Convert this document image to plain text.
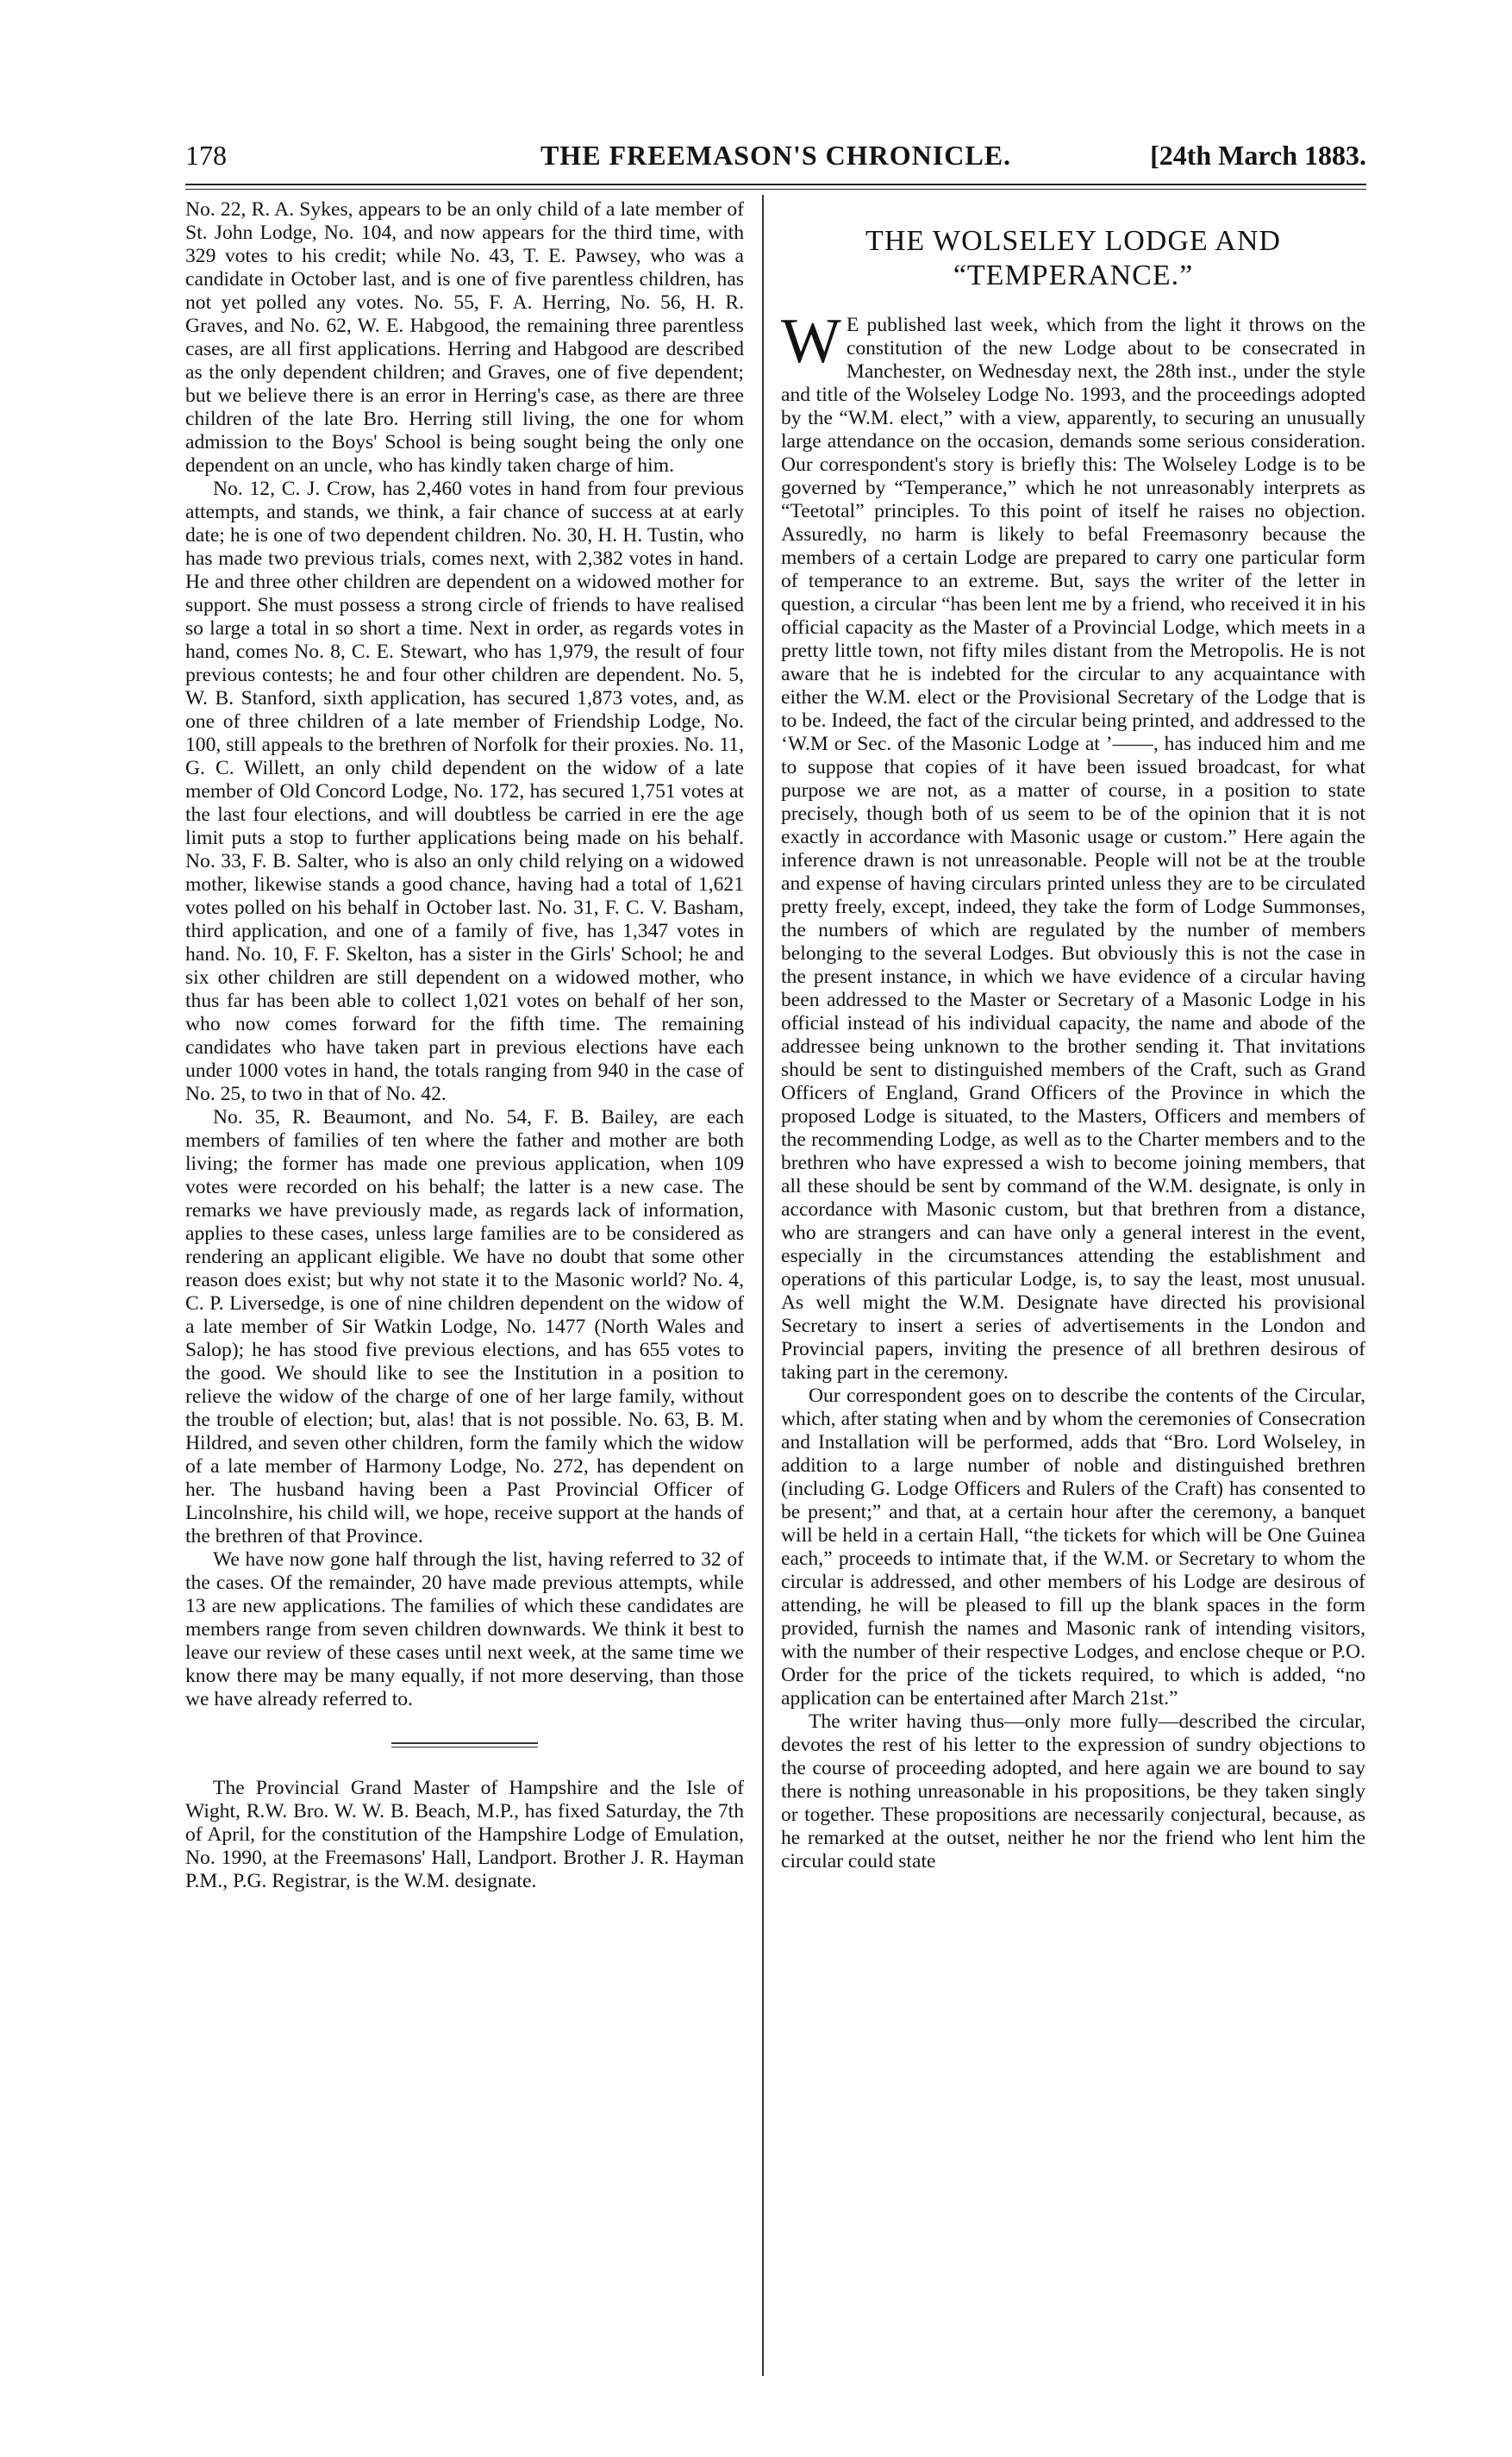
178	THE FREEMASON'S CHRONICLE.	[24th March 1883.

No. 22, R. A. Sykes, appears to be an only child of a late member of St. John Lodge, No. 104, and now appears for the third time, with 329 votes to his credit; while No. 43, T. E. Pawsey, who was a candidate in October last, and is one of five parentless children, has not yet polled any votes. No. 55, F. A. Herring, No. 56, H. R. Graves, and No. 62, W. E. Habgood, the remaining three parentless cases, are all first applications. Herring and Habgood are described as the only dependent children; and Graves, one of five dependent; but we believe there is an error in Herring's case, as there are three children of the late Bro. Herring still living, the one for whom admission to the Boys' School is being sought being the only one dependent on an uncle, who has kindly taken charge of him.

No. 12, C. J. Crow, has 2,460 votes in hand from four previous attempts, and stands, we think, a fair chance of success at at early date; he is one of two dependent children. No. 30, H. H. Tustin, who has made two previous trials, comes next, with 2,382 votes in hand. He and three other children are dependent on a widowed mother for support. She must possess a strong circle of friends to have realised so large a total in so short a time. Next in order, as regards votes in hand, comes No. 8, C. E. Stewart, who has 1,979, the result of four previous contests; he and four other children are dependent. No. 5, W. B. Stanford, sixth application, has secured 1,873 votes, and, as one of three children of a late member of Friendship Lodge, No. 100, still appeals to the brethren of Norfolk for their proxies. No. 11, G. C. Willett, an only child dependent on the widow of a late member of Old Concord Lodge, No. 172, has secured 1,751 votes at the last four elections, and will doubtless be carried in ere the age limit puts a stop to further applications being made on his behalf. No. 33, F. B. Salter, who is also an only child relying on a widowed mother, likewise stands a good chance, having had a total of 1,621 votes polled on his behalf in October last. No. 31, F. C. V. Basham, third application, and one of a family of five, has 1,347 votes in hand. No. 10, F. F. Skelton, has a sister in the Girls' School; he and six other children are still dependent on a widowed mother, who thus far has been able to collect 1,021 votes on behalf of her son, who now comes forward for the fifth time. The remaining candidates who have taken part in previous elections have each under 1000 votes in hand, the totals ranging from 940 in the case of No. 25, to two in that of No. 42.

No. 35, R. Beaumont, and No. 54, F. B. Bailey, are each members of families of ten where the father and mother are both living; the former has made one previous application, when 109 votes were recorded on his behalf; the latter is a new case. The remarks we have previously made, as regards lack of information, applies to these cases, unless large families are to be considered as rendering an applicant eligible. We have no doubt that some other reason does exist; but why not state it to the Masonic world? No. 4, C. P. Liversedge, is one of nine children dependent on the widow of a late member of Sir Watkin Lodge, No. 1477 (North Wales and Salop); he has stood five previous elections, and has 655 votes to the good. We should like to see the Institution in a position to relieve the widow of the charge of one of her large family, without the trouble of election; but, alas! that is not possible. No. 63, B. M. Hildred, and seven other children, form the family which the widow of a late member of Harmony Lodge, No. 272, has dependent on her. The husband having been a Past Provincial Officer of Lincolnshire, his child will, we hope, receive support at the hands of the brethren of that Province.

We have now gone half through the list, having referred to 32 of the cases. Of the remainder, 20 have made previous attempts, while 13 are new applications. The families of which these candidates are members range from seven children downwards. We think it best to leave our review of these cases until next week, at the same time we know there may be many equally, if not more deserving, than those we have already referred to.

The Provincial Grand Master of Hampshire and the Isle of Wight, R.W. Bro. W. W. B. Beach, M.P., has fixed Saturday, the 7th of April, for the constitution of the Hampshire Lodge of Emulation, No. 1990, at the Freemasons' Hall, Landport. Brother J. R. Hayman P.M., P.G. Registrar, is the W.M. designate.

THE WOLSELEY LODGE AND
“TEMPERANCE.”

W E published last week, which from the light it throws on the constitution of the new Lodge about to be consecrated in Manchester, on Wednesday next, the 28th inst., under the style and title of the Wolseley Lodge No. 1993, and the proceedings adopted by the “W.M. elect,” with a view, apparently, to securing an unusually large attendance on the occasion, demands some serious consideration. Our correspondent's story is briefly this: The Wolseley Lodge is to be governed by “Temperance,” which he not unreasonably interprets as “Teetotal” principles. To this point of itself he raises no objection. Assuredly, no harm is likely to befal Freemasonry because the members of a certain Lodge are prepared to carry one particular form of temperance to an extreme. But, says the writer of the letter in question, a circular “has been lent me by a friend, who received it in his official capacity as the Master of a Provincial Lodge, which meets in a pretty little town, not fifty miles distant from the Metropolis. He is not aware that he is indebted for the circular to any acquaintance with either the W.M. elect or the Provisional Secretary of the Lodge that is to be. Indeed, the fact of the circular being printed, and addressed to the ‘W.M or Sec. of the Masonic Lodge at ’——, has induced him and me to suppose that copies of it have been issued broadcast, for what purpose we are not, as a matter of course, in a position to state precisely, though both of us seem to be of the opinion that it is not exactly in accordance with Masonic usage or custom.” Here again the inference drawn is not unreasonable. People will not be at the trouble and expense of having circulars printed unless they are to be circulated pretty freely, except, indeed, they take the form of Lodge Summonses, the numbers of which are regulated by the number of members belonging to the several Lodges. But obviously this is not the case in the present instance, in which we have evidence of a circular having been addressed to the Master or Secretary of a Masonic Lodge in his official instead of his individual capacity, the name and abode of the addressee being unknown to the brother sending it. That invitations should be sent to distinguished members of the Craft, such as Grand Officers of England, Grand Officers of the Province in which the proposed Lodge is situated, to the Masters, Officers and members of the recommending Lodge, as well as to the Charter members and to the brethren who have expressed a wish to become joining members, that all these should be sent by command of the W.M. designate, is only in accordance with Masonic custom, but that brethren from a distance, who are strangers and can have only a general interest in the event, especially in the circumstances attending the establishment and operations of this particular Lodge, is, to say the least, most unusual. As well might the W.M. Designate have directed his provisional Secretary to insert a series of advertisements in the London and Provincial papers, inviting the presence of all brethren desirous of taking part in the ceremony.

Our correspondent goes on to describe the contents of the Circular, which, after stating when and by whom the ceremonies of Consecration and Installation will be performed, adds that “Bro. Lord Wolseley, in addition to a large number of noble and distinguished brethren (including G. Lodge Officers and Rulers of the Craft) has consented to be present;” and that, at a certain hour after the ceremony, a banquet will be held in a certain Hall, “the tickets for which will be One Guinea each,” proceeds to intimate that, if the W.M. or Secretary to whom the circular is addressed, and other members of his Lodge are desirous of attending, he will be pleased to fill up the blank spaces in the form provided, furnish the names and Masonic rank of intending visitors, with the number of their respective Lodges, and enclose cheque or P.O. Order for the price of the tickets required, to which is added, “no application can be entertained after March 21st.”

The writer having thus—only more fully—described the circular, devotes the rest of his letter to the expression of sundry objections to the course of proceeding adopted, and here again we are bound to say there is nothing unreasonable in his propositions, be they taken singly or together. These propositions are necessarily conjectural, because, as he remarked at the outset, neither he nor the friend who lent him the circular could state
